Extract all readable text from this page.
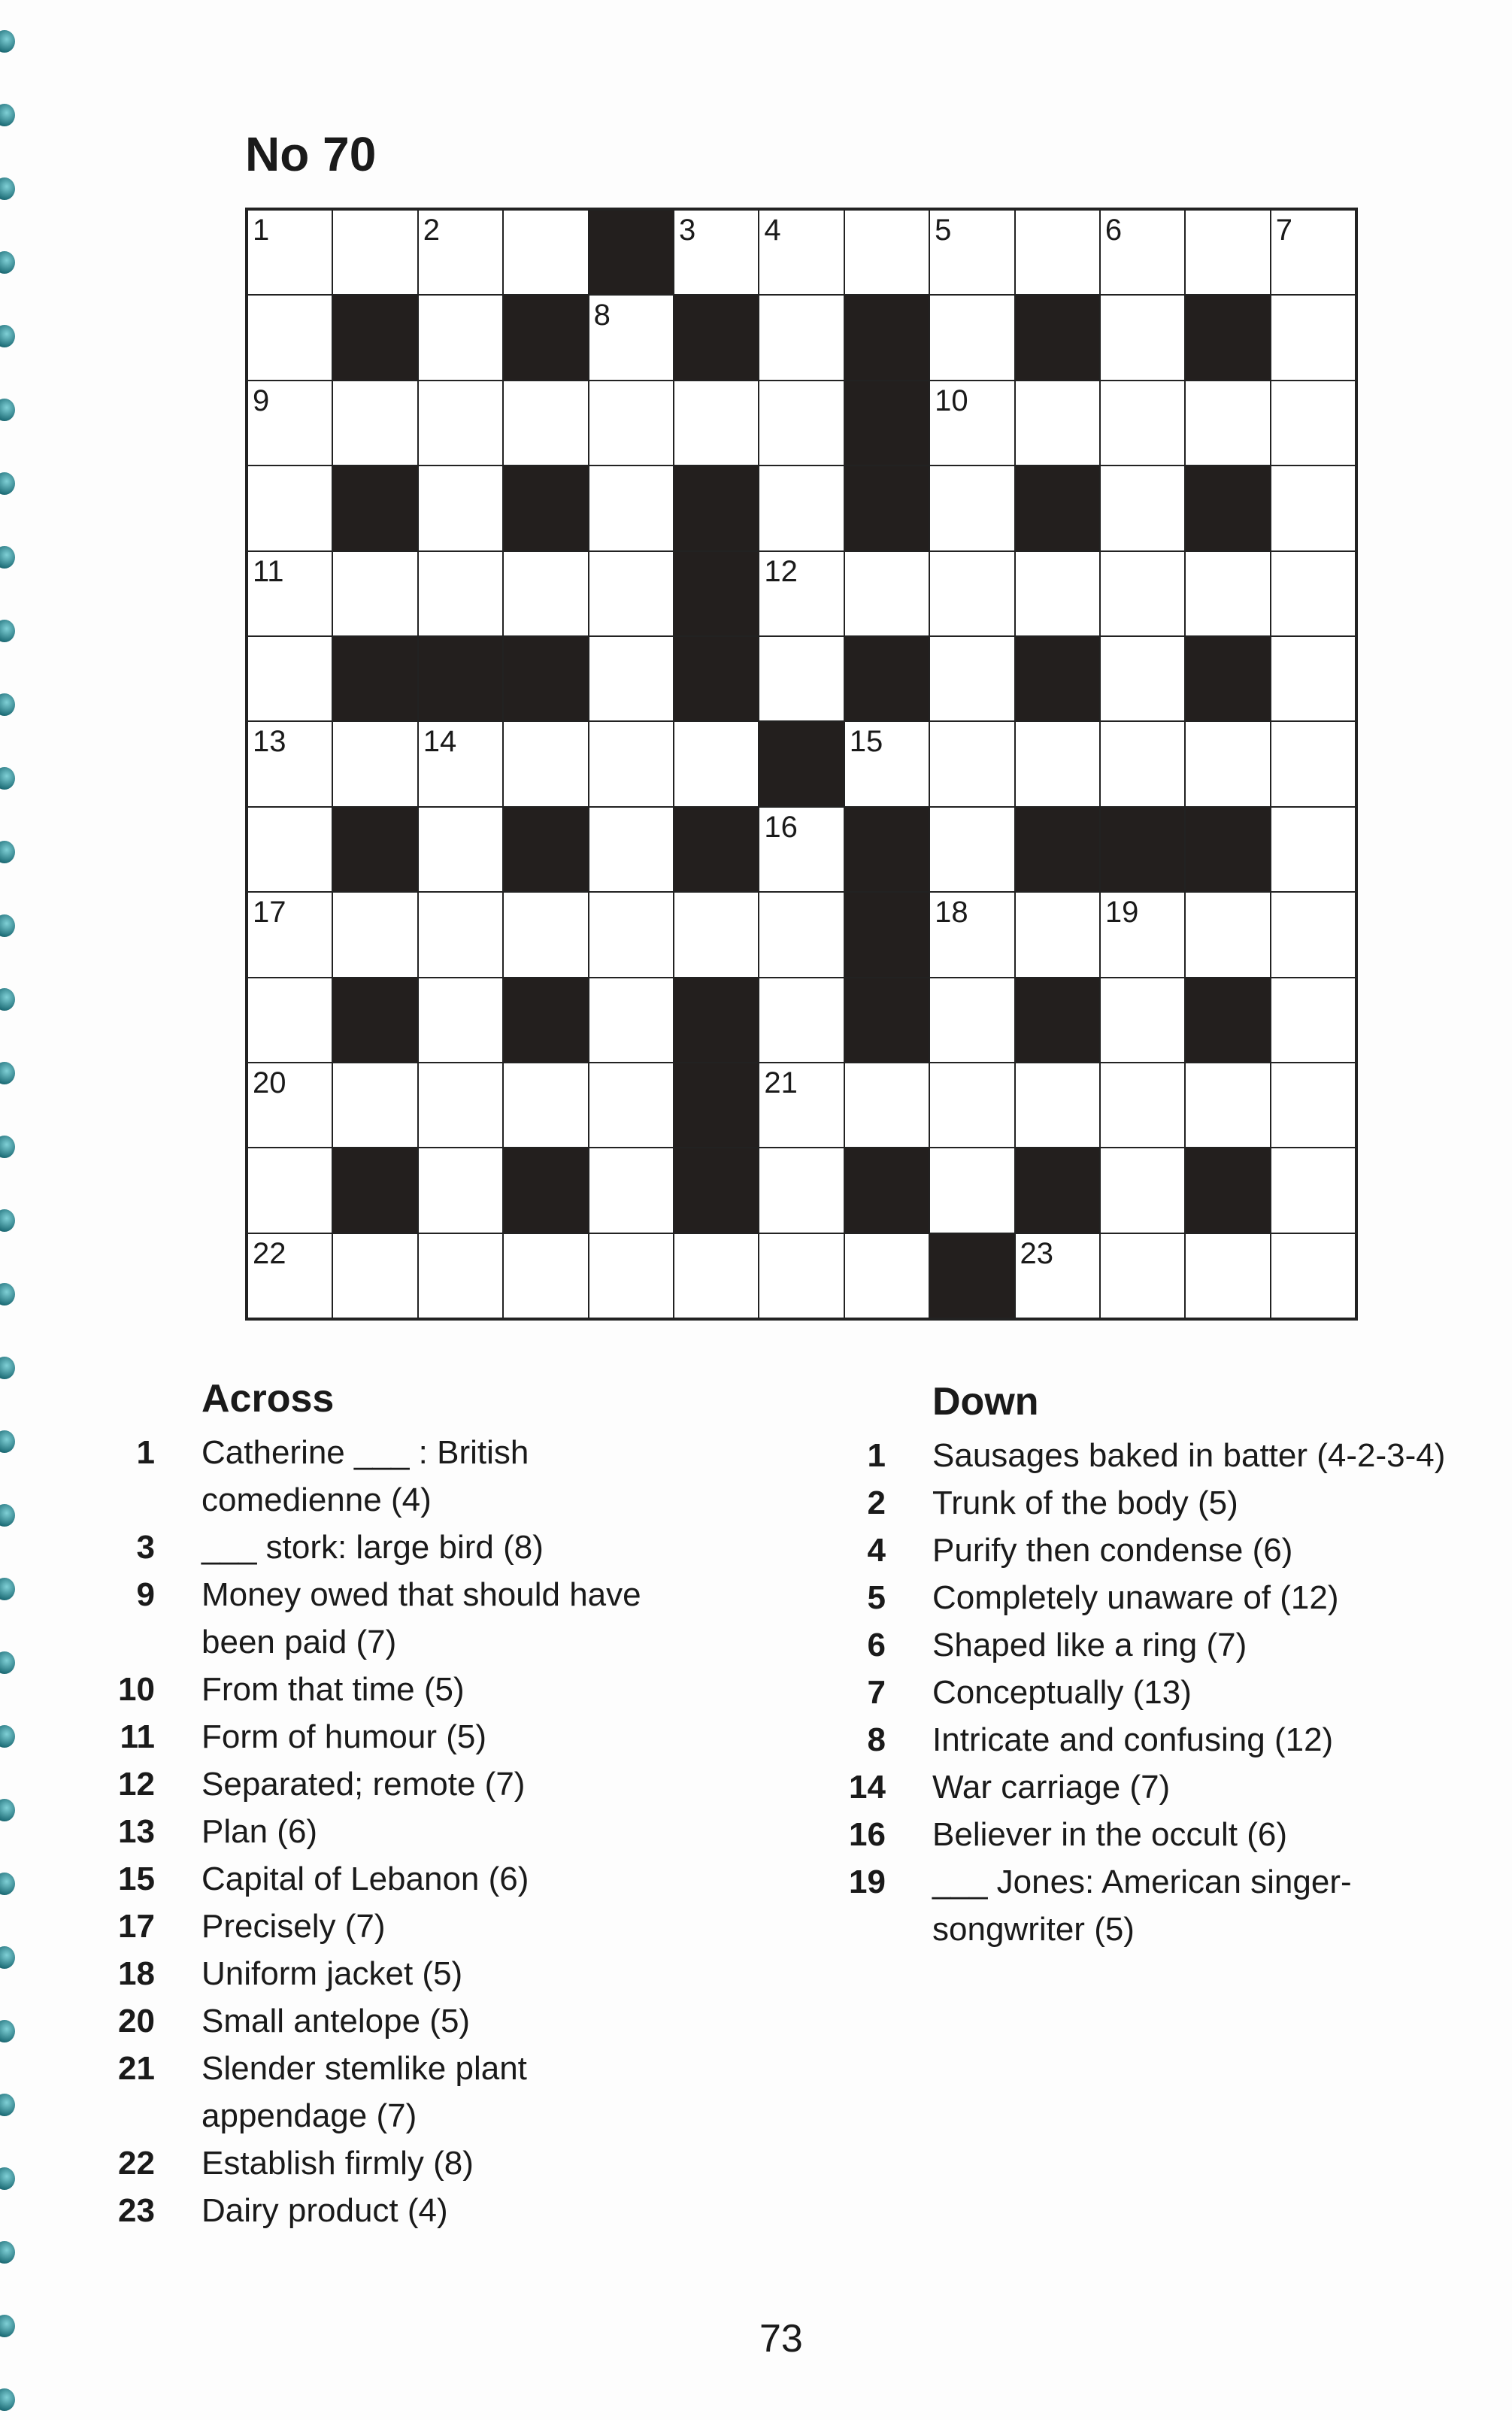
No 70
1	2	3 4	5	6	7
8
9	10
11	12
13	14	15
16
17	18	19
20	21
22	23
Across
1 Catherine ___ : British comedienne (4)
3 ___ stork: large bird (8)
9 Money owed that should have been paid (7)
10 From that time (5)
11 Form of humour (5)
12 Separated; remote (7)
13 Plan (6)
15 Capital of Lebanon (6)
17 Precisely (7)
18 Uniform jacket (5)
20 Small antelope (5)
21 Slender stemlike plant appendage (7)
22 Establish firmly (8)
23 Dairy product (4)
Down
1 Sausages baked in batter (4-2-3-4)
2 Trunk of the body (5)
4 Purify then condense (6)
5 Completely unaware of (12)
6 Shaped like a ring (7)
7 Conceptually (13)
8 Intricate and confusing (12)
14 War carriage (7)
16 Believer in the occult (6)
19 ___ Jones: American singer-songwriter (5)
73
